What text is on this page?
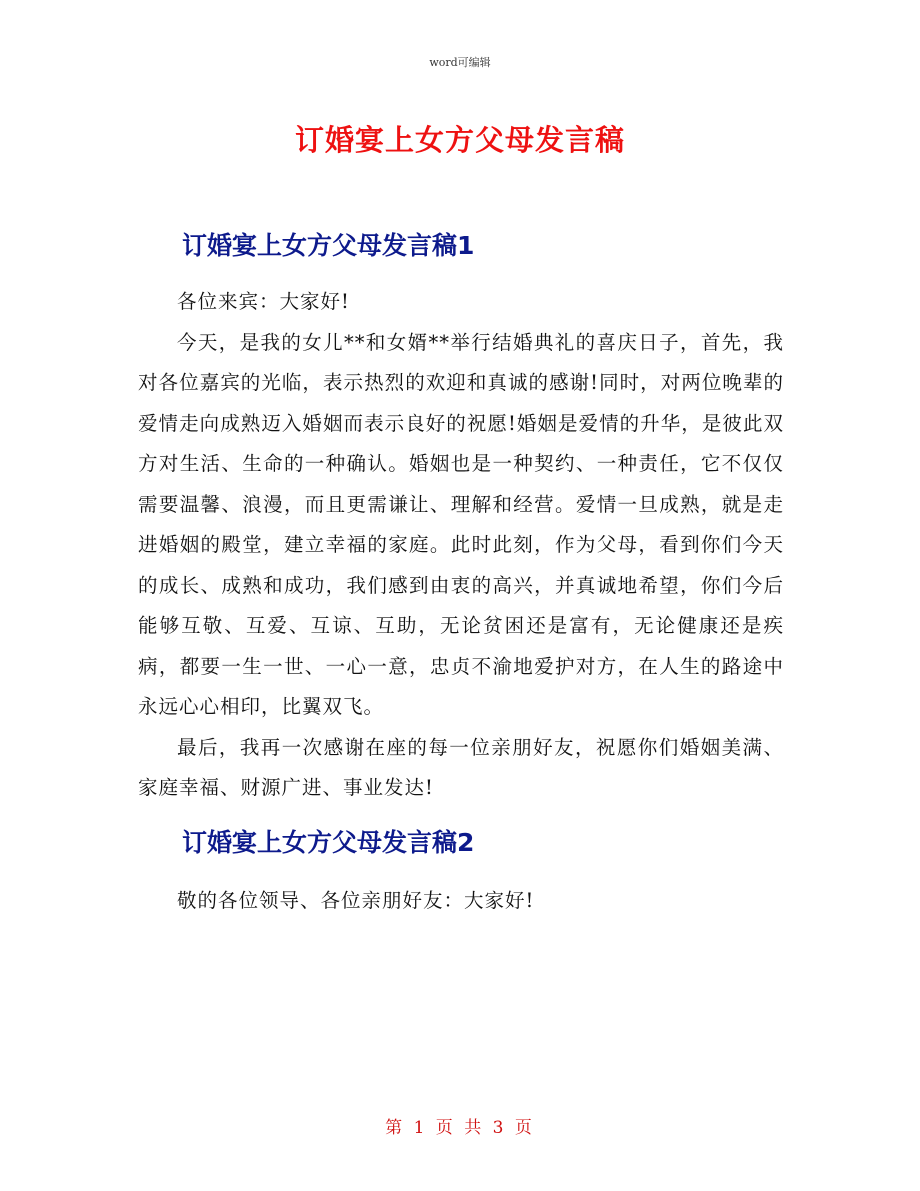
word可编辑
订婚宴上女方父母发言稿
订婚宴上女方父母发言稿1

各位来宾：大家好!

今天，是我的女儿**和女婿**举行结婚典礼的喜庆日子，首先，我对各位嘉宾的光临，表示热烈的欢迎和真诚的感谢!同时，对两位晚辈的爱情走向成熟迈入婚姻而表示良好的祝愿!婚姻是爱情的升华，是彼此双方对生活、生命的一种确认。婚姻也是一种契约、一种责任，它不仅仅需要温馨、浪漫，而且更需谦让、理解和经营。爱情一旦成熟，就是走进婚姻的殿堂，建立幸福的家庭。此时此刻，作为父母，看到你们今天的成长、成熟和成功，我们感到由衷的高兴，并真诚地希望，你们今后能够互敬、互爱、互谅、互助，无论贫困还是富有，无论健康还是疾病，都要一生一世、一心一意，忠贞不渝地爱护对方，在人生的路途中永远心心相印，比翼双飞。

最后，我再一次感谢在座的每一位亲朋好友，祝愿你们婚姻美满、家庭幸福、财源广进、事业发达!

订婚宴上女方父母发言稿2

敬的各位领导、各位亲朋好友：大家好!

第 1 页 共 3 页
